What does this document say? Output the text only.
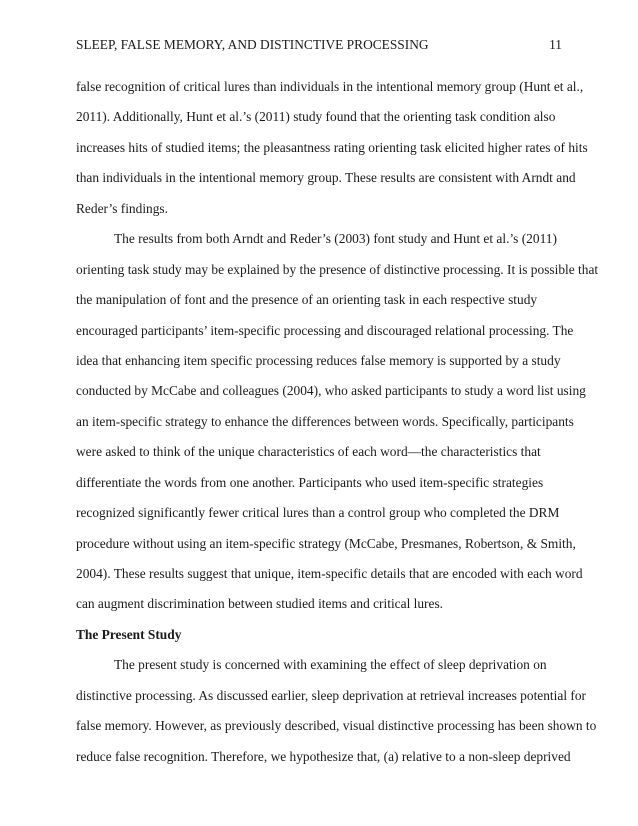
SLEEP, FALSE MEMORY, AND DISTINCTIVE PROCESSING	11
false recognition of critical lures than individuals in the intentional memory group (Hunt et al.,
2011). Additionally, Hunt et al.’s (2011) study found that the orienting task condition also
increases hits of studied items; the pleasantness rating orienting task elicited higher rates of hits
than individuals in the intentional memory group. These results are consistent with Arndt and
Reder’s findings.
The results from both Arndt and Reder’s (2003) font study and Hunt et al.’s (2011)
orienting task study may be explained by the presence of distinctive processing. It is possible that
the manipulation of font and the presence of an orienting task in each respective study
encouraged participants’ item-specific processing and discouraged relational processing. The
idea that enhancing item specific processing reduces false memory is supported by a study
conducted by McCabe and colleagues (2004), who asked participants to study a word list using
an item-specific strategy to enhance the differences between words. Specifically, participants
were asked to think of the unique characteristics of each word—the characteristics that
differentiate the words from one another. Participants who used item-specific strategies
recognized significantly fewer critical lures than a control group who completed the DRM
procedure without using an item-specific strategy (McCabe, Presmanes, Robertson, & Smith,
2004). These results suggest that unique, item-specific details that are encoded with each word
can augment discrimination between studied items and critical lures.
The Present Study
The present study is concerned with examining the effect of sleep deprivation on
distinctive processing. As discussed earlier, sleep deprivation at retrieval increases potential for
false memory. However, as previously described, visual distinctive processing has been shown to
reduce false recognition. Therefore, we hypothesize that, (a) relative to a non-sleep deprived
